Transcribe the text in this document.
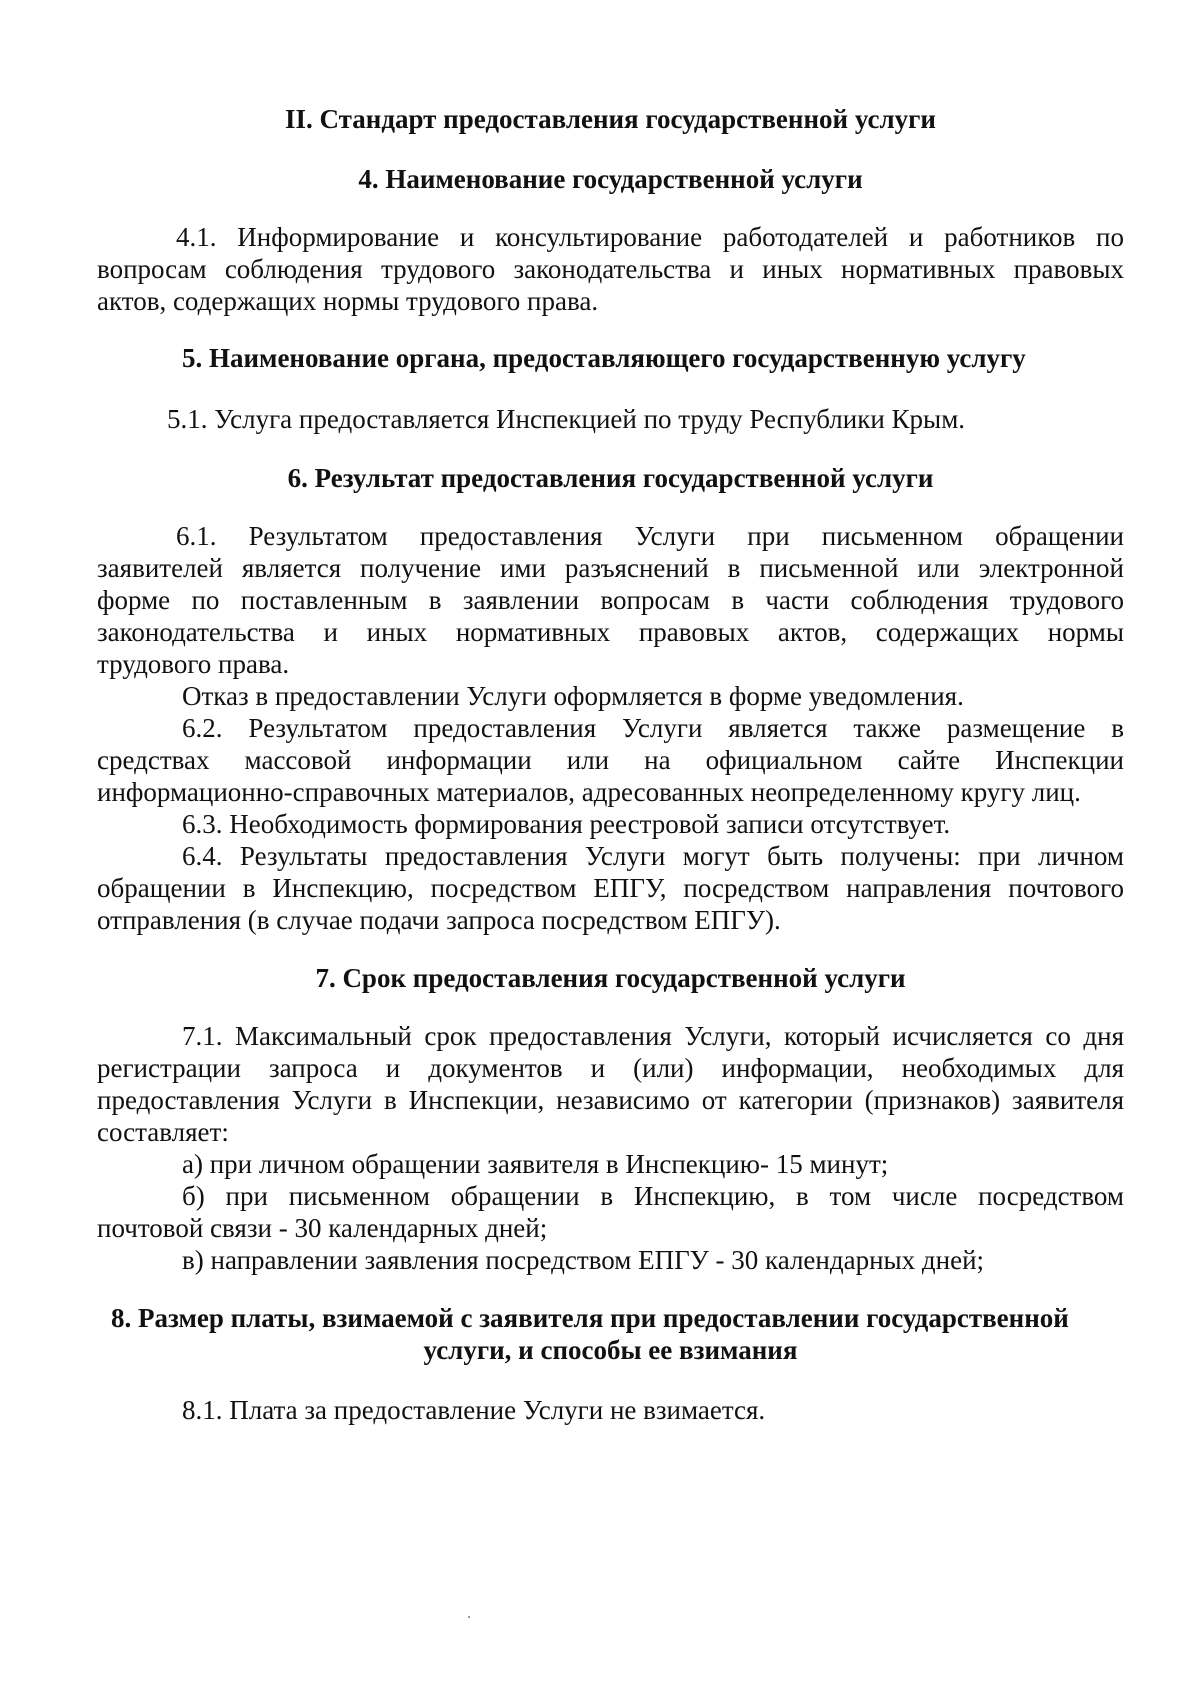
II. Стандарт предоставления государственной услуги
4. Наименование государственной услуги
4.1. Информирование и консультирование работодателей и работников по
вопросам соблюдения трудового законодательства и иных нормативных правовых
актов, содержащих нормы трудового права.
5. Наименование органа, предоставляющего государственную услугу
5.1. Услуга предоставляется Инспекцией по труду Республики Крым.
6. Результат предоставления государственной услуги
6.1. Результатом предоставления Услуги при письменном обращении
заявителей является получение ими разъяснений в письменной или электронной
форме по поставленным в заявлении вопросам в части соблюдения трудового
законодательства и иных нормативных правовых актов, содержащих нормы
трудового права.
Отказ в предоставлении Услуги оформляется в форме уведомления.
6.2. Результатом предоставления Услуги является также размещение в
средствах массовой информации или на официальном сайте Инспекции
информационно-справочных материалов, адресованных неопределенному кругу лиц.
6.3. Необходимость формирования реестровой записи отсутствует.
6.4. Результаты предоставления Услуги могут быть получены: при личном
обращении в Инспекцию, посредством ЕПГУ, посредством направления почтового
отправления (в случае подачи запроса посредством ЕПГУ).
7. Срок предоставления государственной услуги
7.1. Максимальный срок предоставления Услуги, который исчисляется со дня
регистрации запроса и документов и (или) информации, необходимых для
предоставления Услуги в Инспекции, независимо от категории (признаков) заявителя
составляет:
а) при личном обращении заявителя в Инспекцию- 15 минут;
б) при письменном обращении в Инспекцию, в том числе посредством
почтовой связи - 30 календарных дней;
в) направлении заявления посредством ЕПГУ - 30 календарных дней;
8. Размер платы, взимаемой с заявителя при предоставлении государственной
услуги, и способы ее взимания
8.1. Плата за предоставление Услуги не взимается.
